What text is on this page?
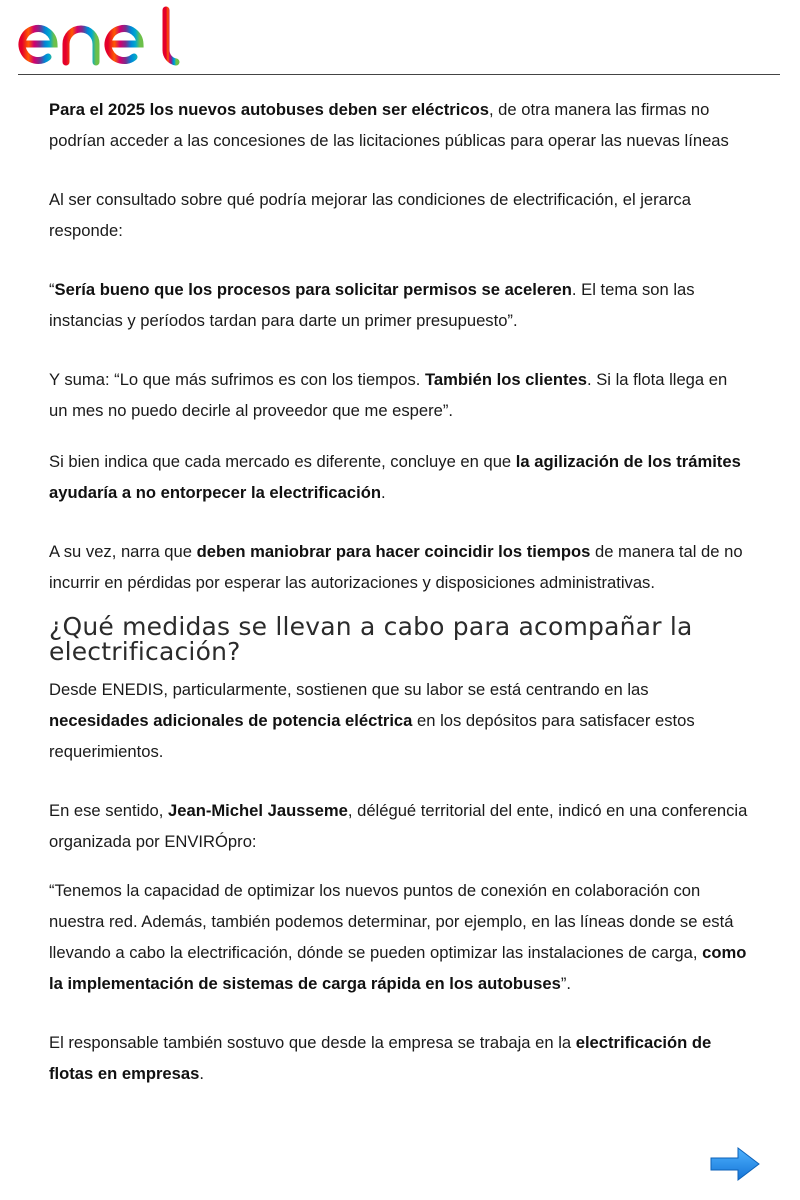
Para el 2025 los nuevos autobuses deben ser eléctricos, de otra manera las firmas no podrían acceder a las concesiones de las licitaciones públicas para operar las nuevas líneas

Al ser consultado sobre qué podría mejorar las condiciones de electrificación, el jerarca responde:

“Sería bueno que los procesos para solicitar permisos se aceleren. El tema son las instancias y períodos tardan para darte un primer presupuesto”.

Y suma: “Lo que más sufrimos es con los tiempos. También los clientes. Si la flota llega en un mes no puedo decirle al proveedor que me espere”.

Si bien indica que cada mercado es diferente, concluye en que la agilización de los trámites ayudaría a no entorpecer la electrificación.

A su vez, narra que deben maniobrar para hacer coincidir los tiempos de manera tal de no incurrir en pérdidas por esperar las autorizaciones y disposiciones administrativas.

¿Qué medidas se llevan a cabo para acompañar la electrificación?

Desde ENEDIS, particularmente, sostienen que su labor se está centrando en las necesidades adicionales de potencia eléctrica en los depósitos para satisfacer estos requerimientos.

En ese sentido, Jean-Michel Jausseme, délégué territorial del ente, indicó en una conferencia organizada por ENVIRÓpro:

“Tenemos la capacidad de optimizar los nuevos puntos de conexión en colaboración con nuestra red. Además, también podemos determinar, por ejemplo, en las líneas donde se está llevando a cabo la electrificación, dónde se pueden optimizar las instalaciones de carga, como la implementación de sistemas de carga rápida en los autobuses”.

El responsable también sostuvo que desde la empresa se trabaja en la electrificación de flotas en empresas.
